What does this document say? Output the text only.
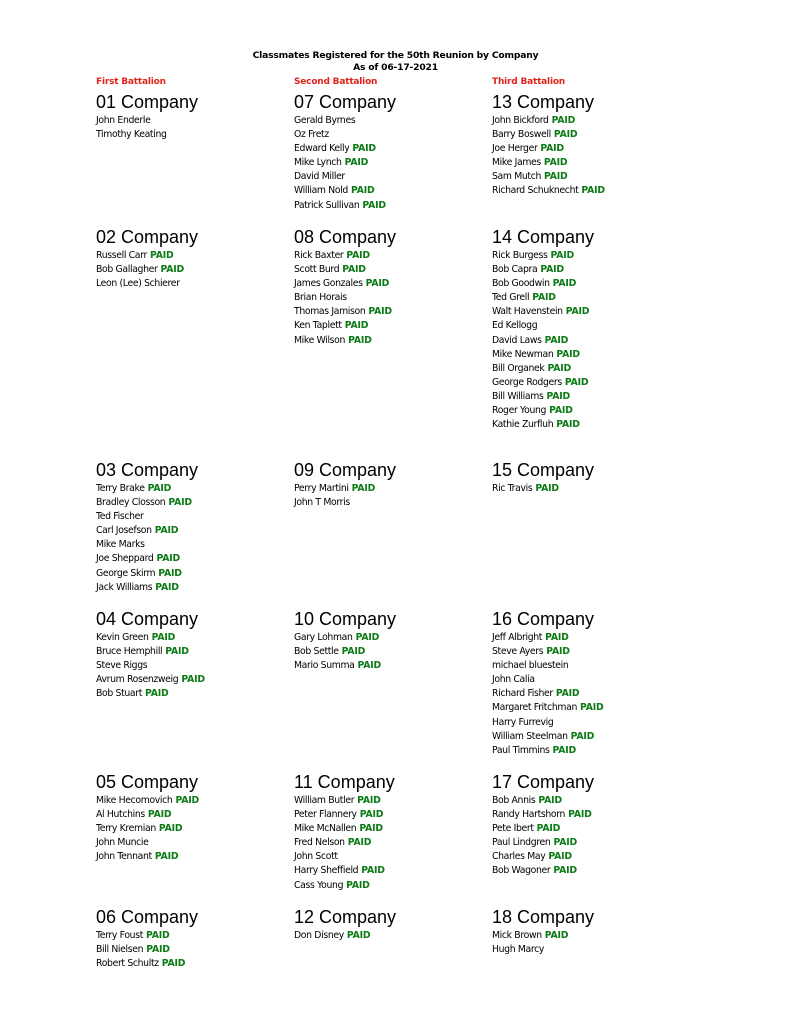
Classmates Registered for the 50th Reunion by Company
As of 06-17-2021
First Battalion
01 Company
John Enderle
Timothy Keating
02 Company
Russell Carr PAID
Bob Gallagher PAID
Leon (Lee) Schierer
03 Company
Terry Brake PAID
Bradley Closson PAID
Ted Fischer
Carl Josefson PAID
Mike Marks
Joe Sheppard PAID
George Skirm PAID
Jack Williams PAID
04 Company
Kevin Green PAID
Bruce Hemphill PAID
Steve Riggs
Avrum Rosenzweig PAID
Bob Stuart PAID
05 Company
Mike Hecomovich PAID
Al Hutchins PAID
Terry Kremian PAID
John Muncie
John Tennant PAID
06 Company
Terry Foust PAID
Bill Nielsen PAID
Robert Schultz PAID
Second Battalion
07 Company
Gerald Byrnes
Oz Fretz
Edward Kelly PAID
Mike Lynch PAID
David Miller
William Nold PAID
Patrick Sullivan PAID
08 Company
Rick Baxter PAID
Scott Burd PAID
James Gonzales PAID
Brian Horais
Thomas Jamison PAID
Ken Taplett PAID
Mike Wilson PAID
09 Company
Perry Martini PAID
John T Morris
10 Company
Gary Lohman PAID
Bob Settle PAID
Mario Summa PAID
11 Company
William Butler PAID
Peter Flannery PAID
Mike McNallen PAID
Fred Nelson PAID
John Scott
Harry Sheffield PAID
Cass Young PAID
12 Company
Don Disney PAID
Third Battalion
13 Company
John Bickford PAID
Barry Boswell PAID
Joe Herger PAID
Mike James PAID
Sam Mutch PAID
Richard Schuknecht PAID
14 Company
Rick Burgess PAID
Bob Capra PAID
Bob Goodwin PAID
Ted Grell PAID
Walt Havenstein PAID
Ed Kellogg
David Laws PAID
Mike Newman PAID
Bill Organek PAID
George Rodgers PAID
Bill Williams PAID
Roger Young PAID
Kathie Zurfluh PAID
15 Company
Ric Travis PAID
16 Company
Jeff Albright PAID
Steve Ayers PAID
michael bluestein
John Calia
Richard Fisher PAID
Margaret Fritchman PAID
Harry Furrevig
William Steelman PAID
Paul Timmins PAID
17 Company
Bob Annis PAID
Randy Hartshorn PAID
Pete Ibert PAID
Paul Lindgren PAID
Charles May PAID
Bob Wagoner PAID
18 Company
Mick Brown PAID
Hugh Marcy
